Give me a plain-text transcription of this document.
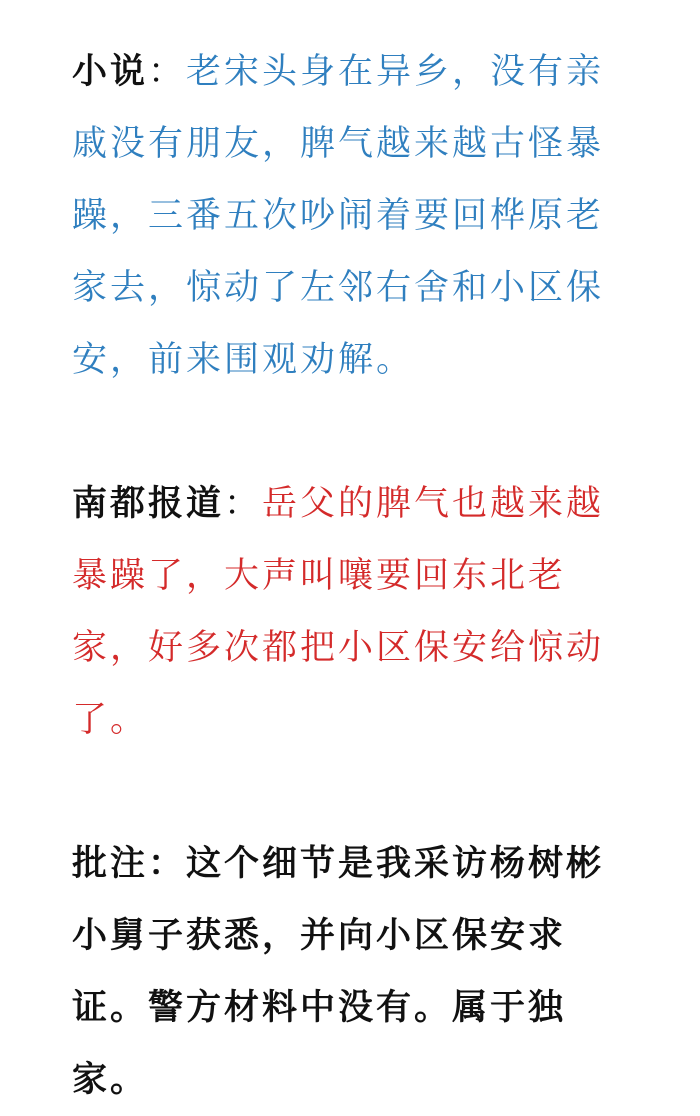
小说：老宋头身在异乡，没有亲戚没有朋友，脾气越来越古怪暴躁，三番五次吵闹着要回桦原老家去，惊动了左邻右舍和小区保安，前来围观劝解。

南都报道：岳父的脾气也越来越暴躁了，大声叫嚷要回东北老家，好多次都把小区保安给惊动了。

批注：这个细节是我采访杨树彬小舅子获悉，并向小区保安求证。警方材料中没有。属于独家。
